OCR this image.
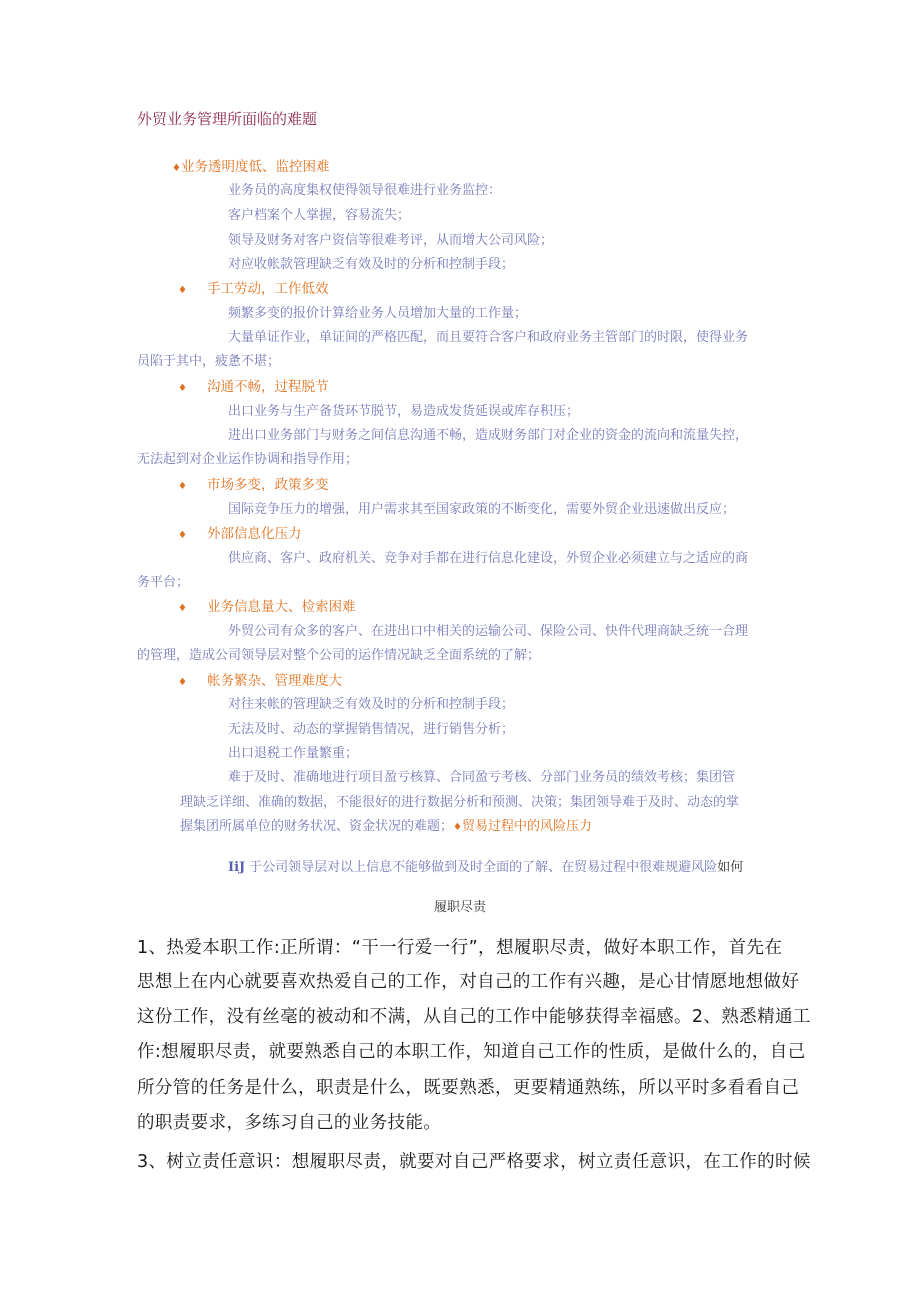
外贸业务管理所面临的难题
♦业务透明度低、监控困难
业务员的高度集权使得领导很难进行业务监控：
客户档案个人掌握，容易流失；
领导及财务对客户资信等很难考评，从而增大公司风险；
对应收帐款管理缺乏有效及时的分析和控制手段；
♦ 手工劳动，工作低效
频繁多变的报价计算给业务人员增加大量的工作量；
大量单证作业，单证间的严格匹配，而且要符合客户和政府业务主管部门的时限，使得业务
员陷于其中，疲惫不堪；
♦ 沟通不畅，过程脱节
出口业务与生产备货环节脱节，易造成发货延误或库存积压；
进出口业务部门与财务之间信息沟通不畅，造成财务部门对企业的资金的流向和流量失控，
无法起到对企业运作协调和指导作用；
♦ 市场多变，政策多变
国际竞争压力的增强，用户需求其至国家政策的不断变化，需要外贸企业迅速做出反应；
♦ 外部信息化压力
供应商、客户、政府机关、竞争对手都在进行信息化建设，外贸企业必须建立与之适应的商
务平台；
♦ 业务信息量大、检索困难
外贸公司有众多的客户、在进出口中相关的运输公司、保险公司、快件代理商缺乏统一合理
的管理，造成公司领导层对整个公司的运作情况缺乏全面系统的了解；
♦ 帐务繁杂、管理难度大
对往来帐的管理缺乏有效及时的分析和控制手段；
无法及时、动态的掌握销售情况，进行销售分析；
出口退税工作量繁重；
难于及时、准确地进行项目盈亏核算、合同盈亏考核、分部门业务员的绩效考核；集团管
理缺乏详细、准确的数据，不能很好的进行数据分析和预测、决策；集团领导难于及时、动态的掌
握集团所属单位的财务状况、资金状况的难题；♦贸易过程中的风险压力
IiJ 于公司领导层对以上信息不能够做到及时全面的了解、在贸易过程中很难规避风险如何
履职尽责
1、热爱本职工作:正所谓：“干一行爱一行”，想履职尽责，做好本职工作，首先在
思想上在内心就要喜欢热爱自己的工作，对自己的工作有兴趣，是心甘情愿地想做好
这份工作，没有丝毫的被动和不满，从自己的工作中能够获得幸福感。2、熟悉精通工
作:想履职尽责，就要熟悉自己的本职工作，知道自己工作的性质，是做什么的，自己
所分管的任务是什么，职责是什么，既要熟悉，更要精通熟练，所以平时多看看自己
的职责要求，多练习自己的业务技能。
3、树立责任意识：想履职尽责，就要对自己严格要求，树立责任意识，在工作的时候
